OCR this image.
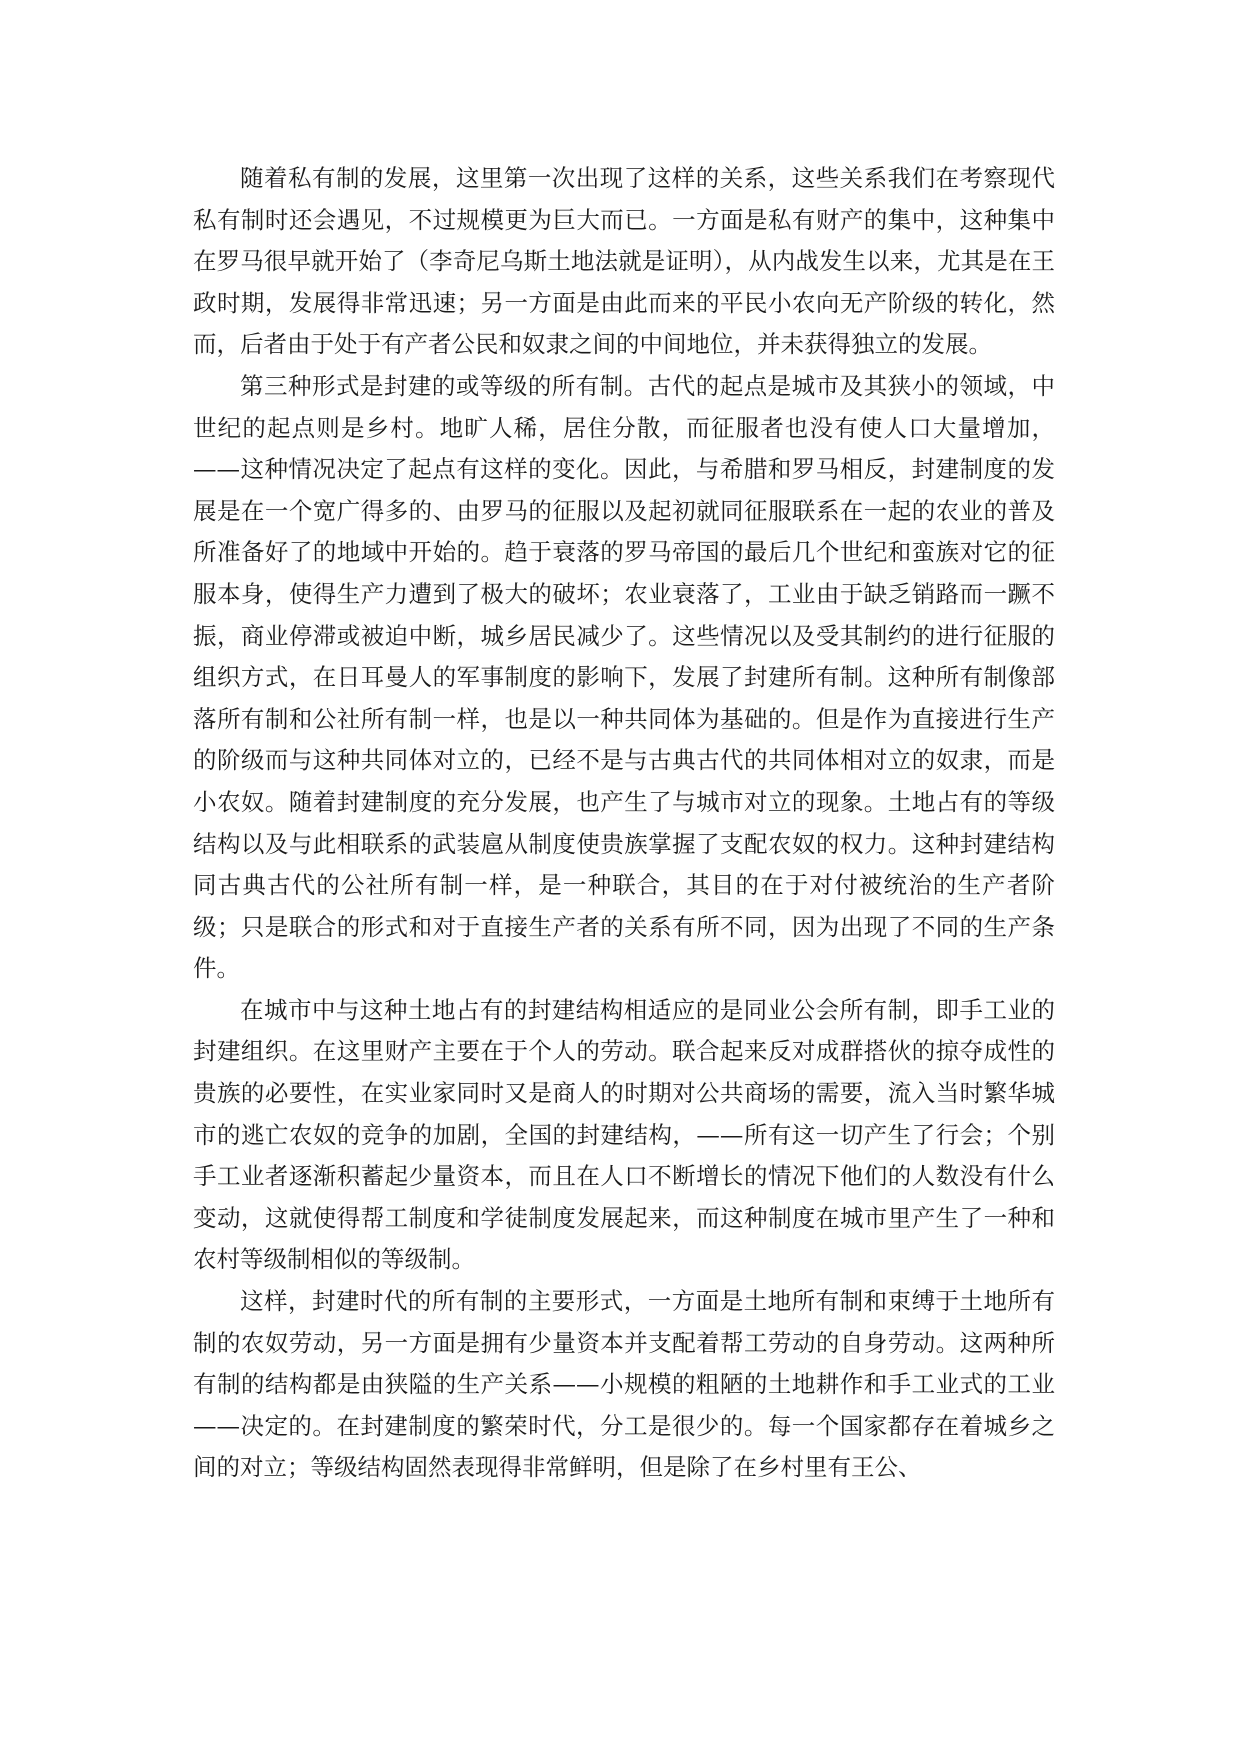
随着私有制的发展，这里第一次出现了这样的关系，这些关系我们在考察现代私有制时还会遇见，不过规模更为巨大而已。一方面是私有财产的集中，这种集中在罗马很早就开始了（李奇尼乌斯土地法就是证明），从内战发生以来，尤其是在王政时期，发展得非常迅速；另一方面是由此而来的平民小农向无产阶级的转化，然而，后者由于处于有产者公民和奴隶之间的中间地位，并未获得独立的发展。

第三种形式是封建的或等级的所有制。古代的起点是城市及其狭小的领域，中世纪的起点则是乡村。地旷人稀，居住分散，而征服者也没有使人口大量增加，——这种情况决定了起点有这样的变化。因此，与希腊和罗马相反，封建制度的发展是在一个宽广得多的、由罗马的征服以及起初就同征服联系在一起的农业的普及所准备好了的地域中开始的。趋于衰落的罗马帝国的最后几个世纪和蛮族对它的征服本身，使得生产力遭到了极大的破坏；农业衰落了，工业由于缺乏销路而一蹶不振，商业停滞或被迫中断，城乡居民减少了。这些情况以及受其制约的进行征服的组织方式，在日耳曼人的军事制度的影响下，发展了封建所有制。这种所有制像部落所有制和公社所有制一样，也是以一种共同体为基础的。但是作为直接进行生产的阶级而与这种共同体对立的，已经不是与古典古代的共同体相对立的奴隶，而是小农奴。随着封建制度的充分发展，也产生了与城市对立的现象。土地占有的等级结构以及与此相联系的武装扈从制度使贵族掌握了支配农奴的权力。这种封建结构同古典古代的公社所有制一样，是一种联合，其目的在于对付被统治的生产者阶级；只是联合的形式和对于直接生产者的关系有所不同，因为出现了不同的生产条件。

在城市中与这种土地占有的封建结构相适应的是同业公会所有制，即手工业的封建组织。在这里财产主要在于个人的劳动。联合起来反对成群搭伙的掠夺成性的贵族的必要性，在实业家同时又是商人的时期对公共商场的需要，流入当时繁华城市的逃亡农奴的竞争的加剧，全国的封建结构，——所有这一切产生了行会；个别手工业者逐渐积蓄起少量资本，而且在人口不断增长的情况下他们的人数没有什么变动，这就使得帮工制度和学徒制度发展起来，而这种制度在城市里产生了一种和农村等级制相似的等级制。

这样，封建时代的所有制的主要形式，一方面是土地所有制和束缚于土地所有制的农奴劳动，另一方面是拥有少量资本并支配着帮工劳动的自身劳动。这两种所有制的结构都是由狭隘的生产关系——小规模的粗陋的土地耕作和手工业式的工业——决定的。在封建制度的繁荣时代，分工是很少的。每一个国家都存在着城乡之间的对立；等级结构固然表现得非常鲜明，但是除了在乡村里有王公、
